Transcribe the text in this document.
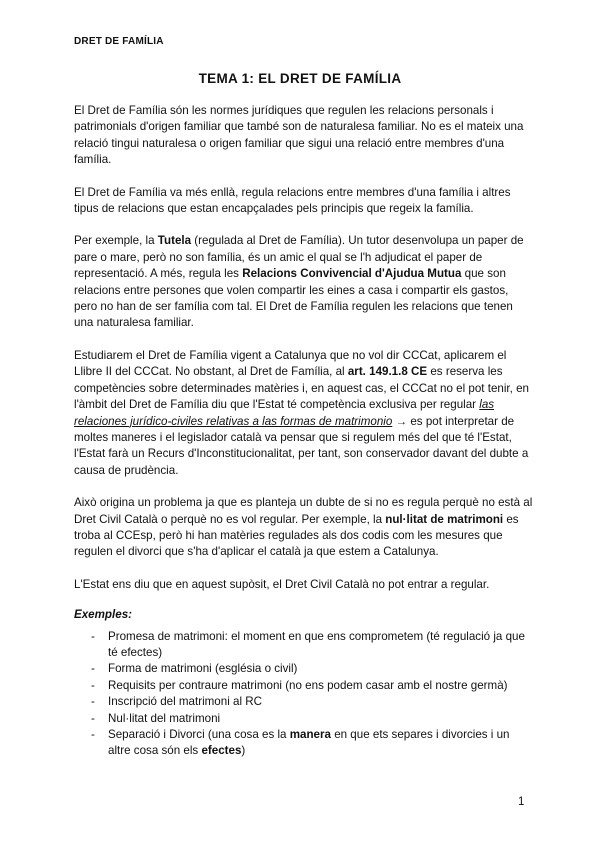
DRET DE FAMÍLIA
TEMA 1: EL DRET DE FAMÍLIA

El Dret de Família són les normes jurídiques que regulen les relacions personals i patrimonials d'origen familiar que també son de naturalesa familiar. No es el mateix una relació tingui naturalesa o origen familiar que sigui una relació entre membres d'una família.

El Dret de Família va més enllà, regula relacions entre membres d'una família i altres tipus de relacions que estan encapçalades pels principis que regeix la família.

Per exemple, la Tutela (regulada al Dret de Família). Un tutor desenvolupa un paper de pare o mare, però no son família, és un amic el qual se l'h adjudicat el paper de representació. A més, regula les Relacions Convivencial d'Ajudua Mutua que son relacions entre persones que volen compartir les eines a casa i compartir els gastos, pero no han de ser família com tal. El Dret de Família regulen les relacions que tenen una naturalesa familiar.

Estudiarem el Dret de Família vigent a Catalunya que no vol dir CCCat, aplicarem el Llibre II del CCCat. No obstant, al Dret de Família, al art. 149.1.8 CE es reserva les competències sobre determinades matèries i, en aquest cas, el CCCat no el pot tenir, en l'àmbit del Dret de Família diu que l'Estat té competència exclusiva per regular las relaciones jurídico-civiles relativas a las formas de matrimonio → es pot interpretar de moltes maneres i el legislador català va pensar que si regulem més del que té l'Estat, l'Estat farà un Recurs d'Inconstitucionalitat, per tant, son conservador davant del dubte a causa de prudència.

Això origina un problema ja que es planteja un dubte de si no es regula perquè no està al Dret Civil Català o perquè no es vol regular. Per exemple, la nul·litat de matrimoni es troba al CCEsp, però hi han matèries regulades als dos codis com les mesures que regulen el divorci que s'ha d'aplicar el català ja que estem a Catalunya.

L'Estat ens diu que en aquest supòsit, el Dret Civil Català no pot entrar a regular.

Exemples:
- Promesa de matrimoni: el moment en que ens comprometem (té regulació ja que té efectes)
- Forma de matrimoni (església o civil)
- Requisits per contraure matrimoni (no ens podem casar amb el nostre germà)
- Inscripció del matrimoni al RC
- Nul·litat del matrimoni
- Separació i Divorci (una cosa es la manera en que ets separes i divorcies i un altre cosa són els efectes)
1
